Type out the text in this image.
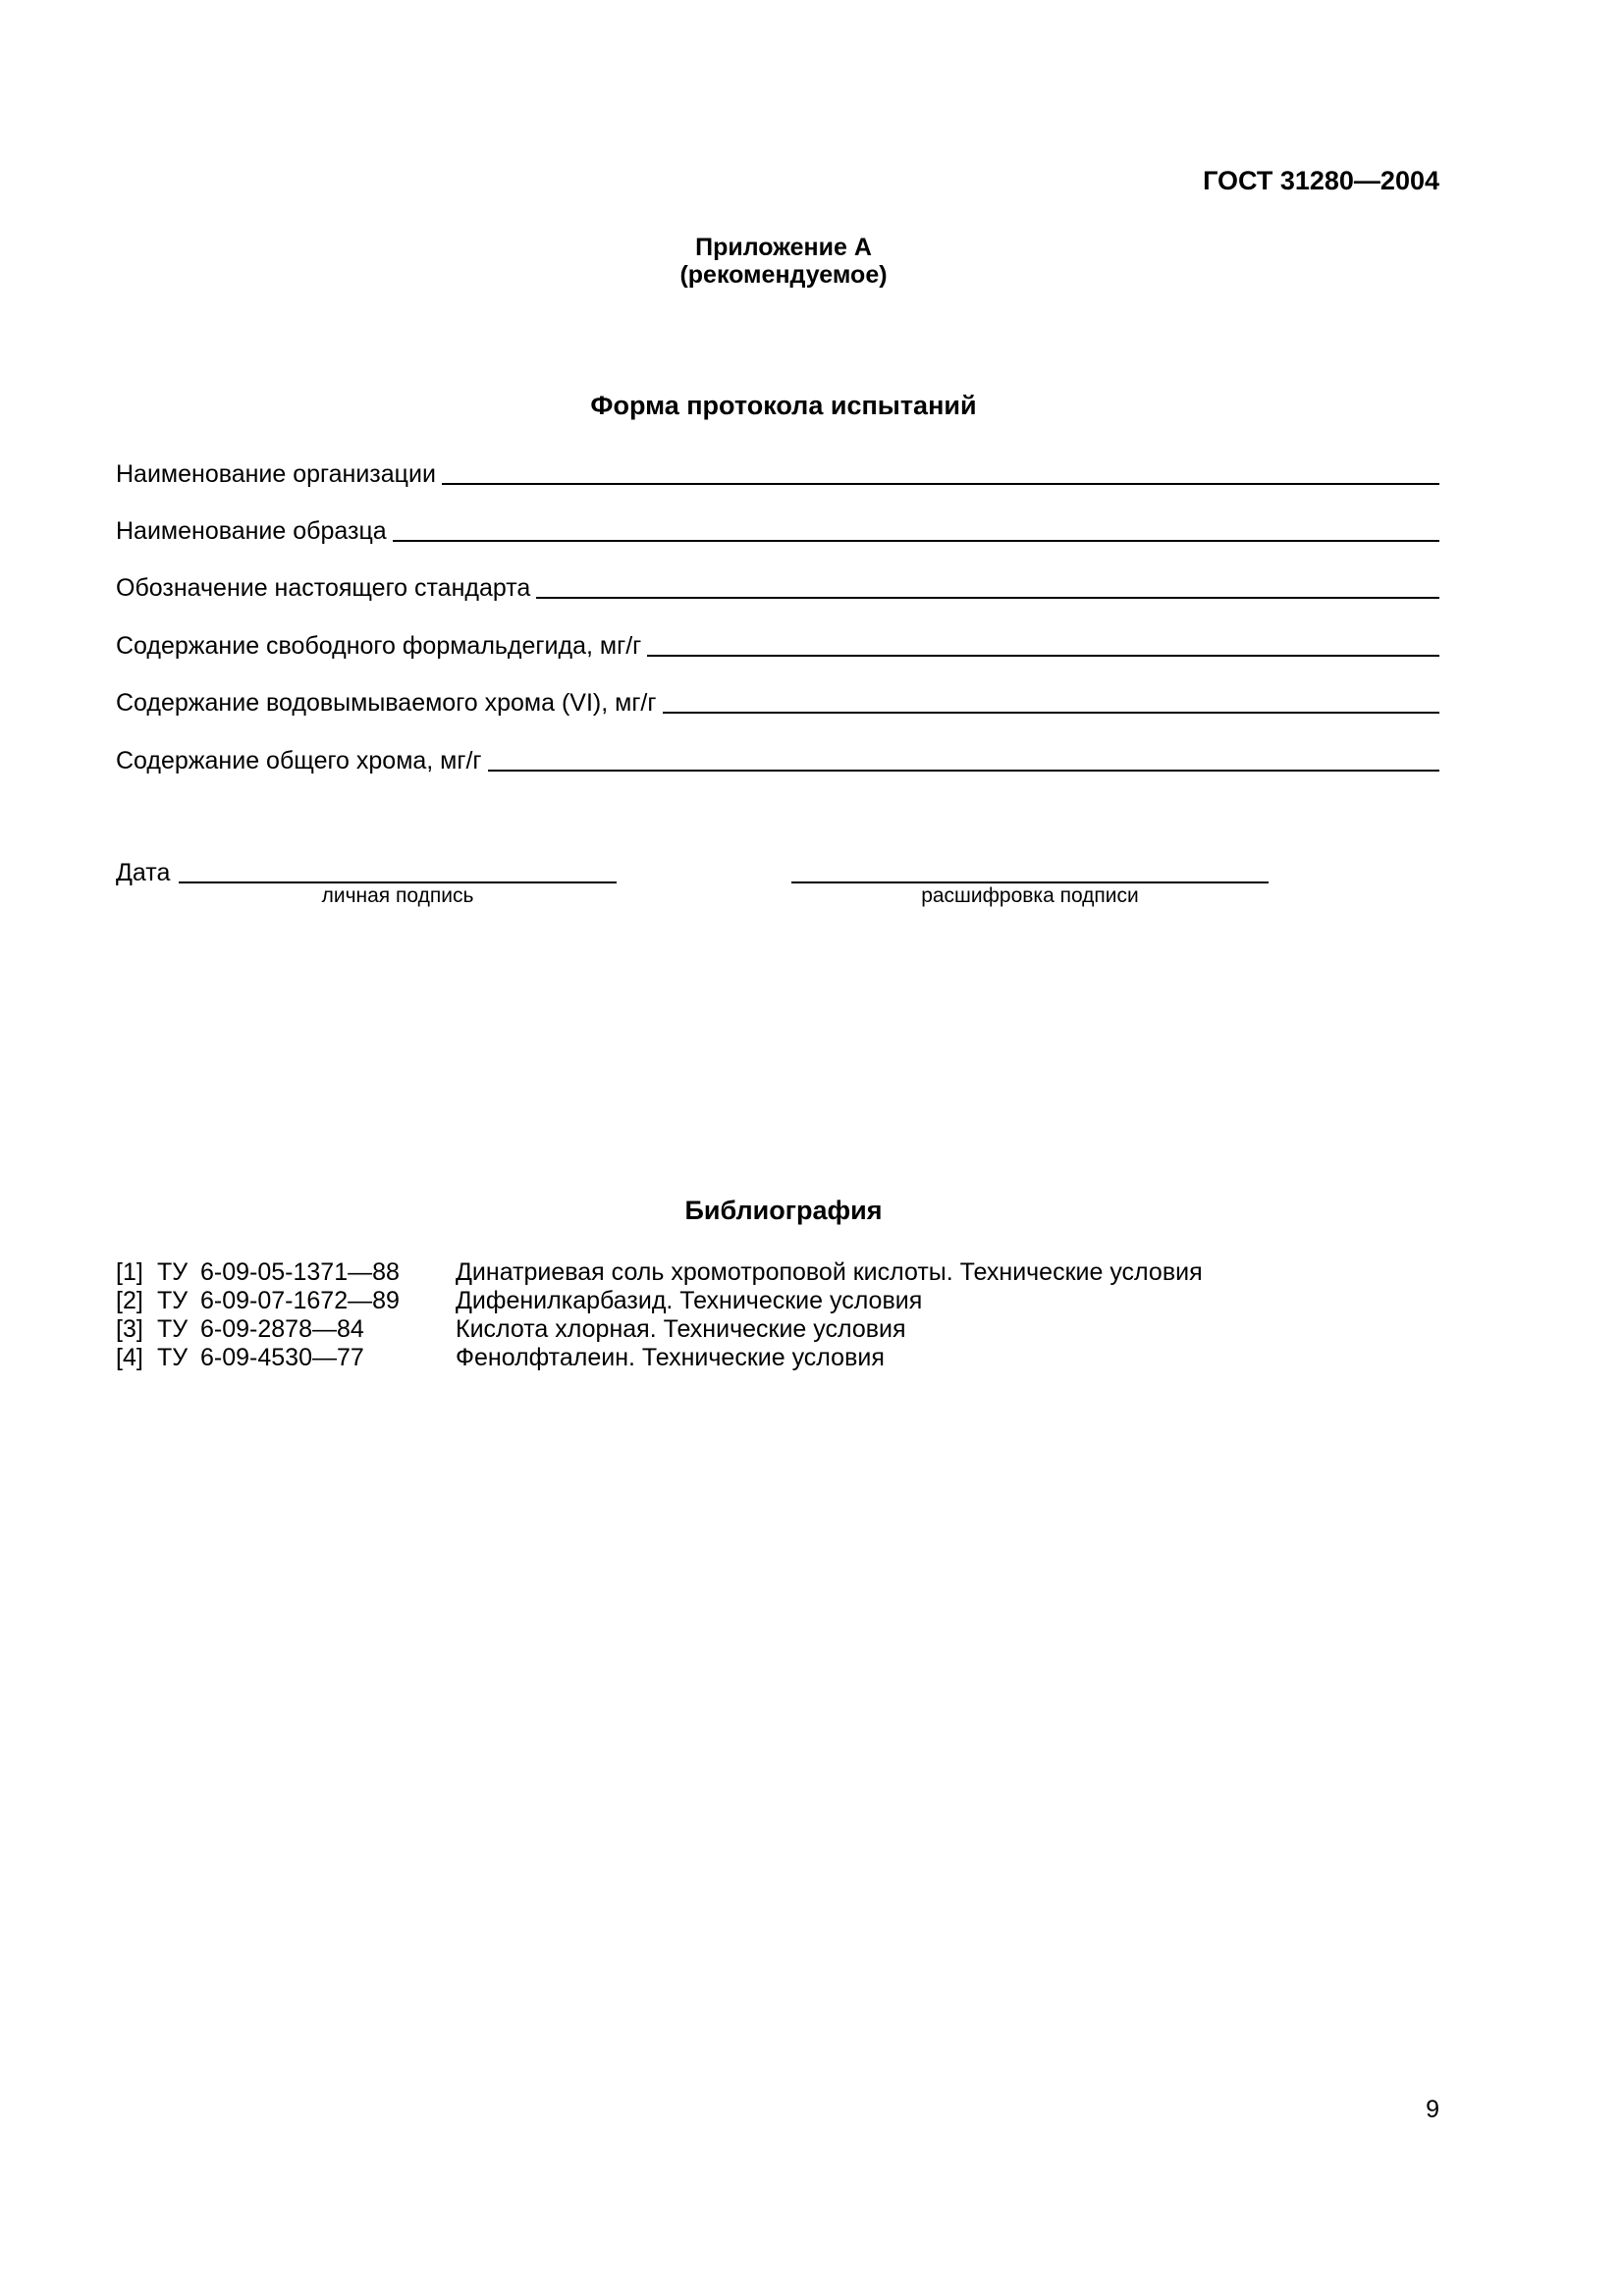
ГОСТ 31280—2004
Приложение А
(рекомендуемое)
Форма протокола испытаний
Наименование организации
Наименование образца
Обозначение настоящего стандарта
Содержание свободного формальдегида, мг/г
Содержание водовымываемого хрома (VI), мг/г
Содержание общего хрома, мг/г
Дата
личная подпись	расшифровка подписи
Библиография
[1] ТУ 6-09-05-1371—88	Динатриевая соль хромотроповой кислоты. Технические условия
[2] ТУ 6-09-07-1672—89	Дифенилкарбазид. Технические условия
[3] ТУ 6-09-2878—84	Кислота хлорная. Технические условия
[4] ТУ 6-09-4530—77	Фенолфталеин. Технические условия
9
